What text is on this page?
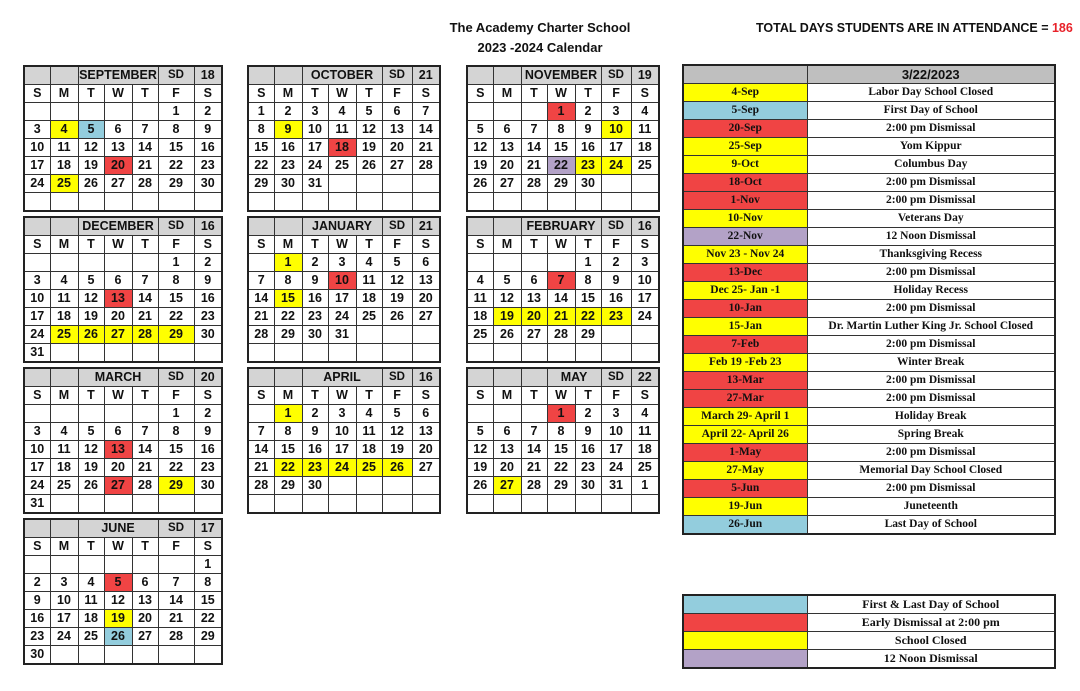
The Academy Charter School
2023 -2024 Calendar
TOTAL DAYS STUDENTS ARE IN ATTENDANCE = 186
		SEPTEMBER			SD	18
S	M	T	W	T	F	S
					1	2
3	4	5	6	7	8	9
10	11	12	13	14	15	16
17	18	19	20	21	22	23
24	25	26	27	28	29	30

		OCTOBER			SD	21
S	M	T	W	T	F	S
1	2	3	4	5	6	7
8	9	10	11	12	13	14
15	16	17	18	19	20	21
22	23	24	25	26	27	28
29	30	31				

		NOVEMBER			SD	19
S	M	T	W	T	F	S
			1	2	3	4
5	6	7	8	9	10	11
12	13	14	15	16	17	18
19	20	21	22	23	24	25
26	27	28	29	30		

		DECEMBER			SD	16
S	M	T	W	T	F	S
					1	2
3	4	5	6	7	8	9
10	11	12	13	14	15	16
17	18	19	20	21	22	23
24	25	26	27	28	29	30
31						
		JANUARY			SD	21
S	M	T	W	T	F	S
	1	2	3	4	5	6
7	8	9	10	11	12	13
14	15	16	17	18	19	20
21	22	23	24	25	26	27
28	29	30	31			

		FEBRUARY			SD	16
S	M	T	W	T	F	S
				1	2	3
4	5	6	7	8	9	10
11	12	13	14	15	16	17
18	19	20	21	22	23	24
25	26	27	28	29		

		MARCH			SD	20
S	M	T	W	T	F	S
					1	2
3	4	5	6	7	8	9
10	11	12	13	14	15	16
17	18	19	20	21	22	23
24	25	26	27	28	29	30
31						
		APRIL			SD	16
S	M	T	W	T	F	S
	1	2	3	4	5	6
7	8	9	10	11	12	13
14	15	16	17	18	19	20
21	22	23	24	25	26	27
28	29	30				

			MAY		SD	22
S	M	T	W	T	F	S
			1	2	3	4
5	6	7	8	9	10	11
12	13	14	15	16	17	18
19	20	21	22	23	24	25
26	27	28	29	30	31	1

		JUNE			SD	17
S	M	T	W	T	F	S
						1
2	3	4	5	6	7	8
9	10	11	12	13	14	15
16	17	18	19	20	21	22
23	24	25	26	27	28	29
30						
	3/22/2023
4-Sep	Labor Day School Closed
5-Sep	First Day of School
20-Sep	2:00 pm Dismissal
25-Sep	Yom Kippur
9-Oct	Columbus Day
18-Oct	2:00 pm Dismissal
1-Nov	2:00 pm Dismissal
10-Nov	Veterans Day
22-Nov	12 Noon Dismissal
Nov 23 - Nov 24	Thanksgiving Recess
13-Dec	2:00 pm Dismissal
Dec 25- Jan -1	Holiday Recess
10-Jan	2:00 pm Dismissal
15-Jan	Dr. Martin Luther King Jr. School Closed
7-Feb	2:00 pm Dismissal
Feb 19 -Feb 23	Winter Break
13-Mar	2:00 pm Dismissal
27-Mar	2:00 pm Dismissal
March 29- April 1	Holiday Break
April 22- April 26	Spring Break
1-May	2:00 pm Dismissal
27-May	Memorial Day School Closed
5-Jun	2:00 pm Dismissal
19-Jun	Juneteenth
26-Jun	Last Day of School
	First & Last Day of School
	Early Dismissal at 2:00 pm
	School Closed
	12 Noon Dismissal
